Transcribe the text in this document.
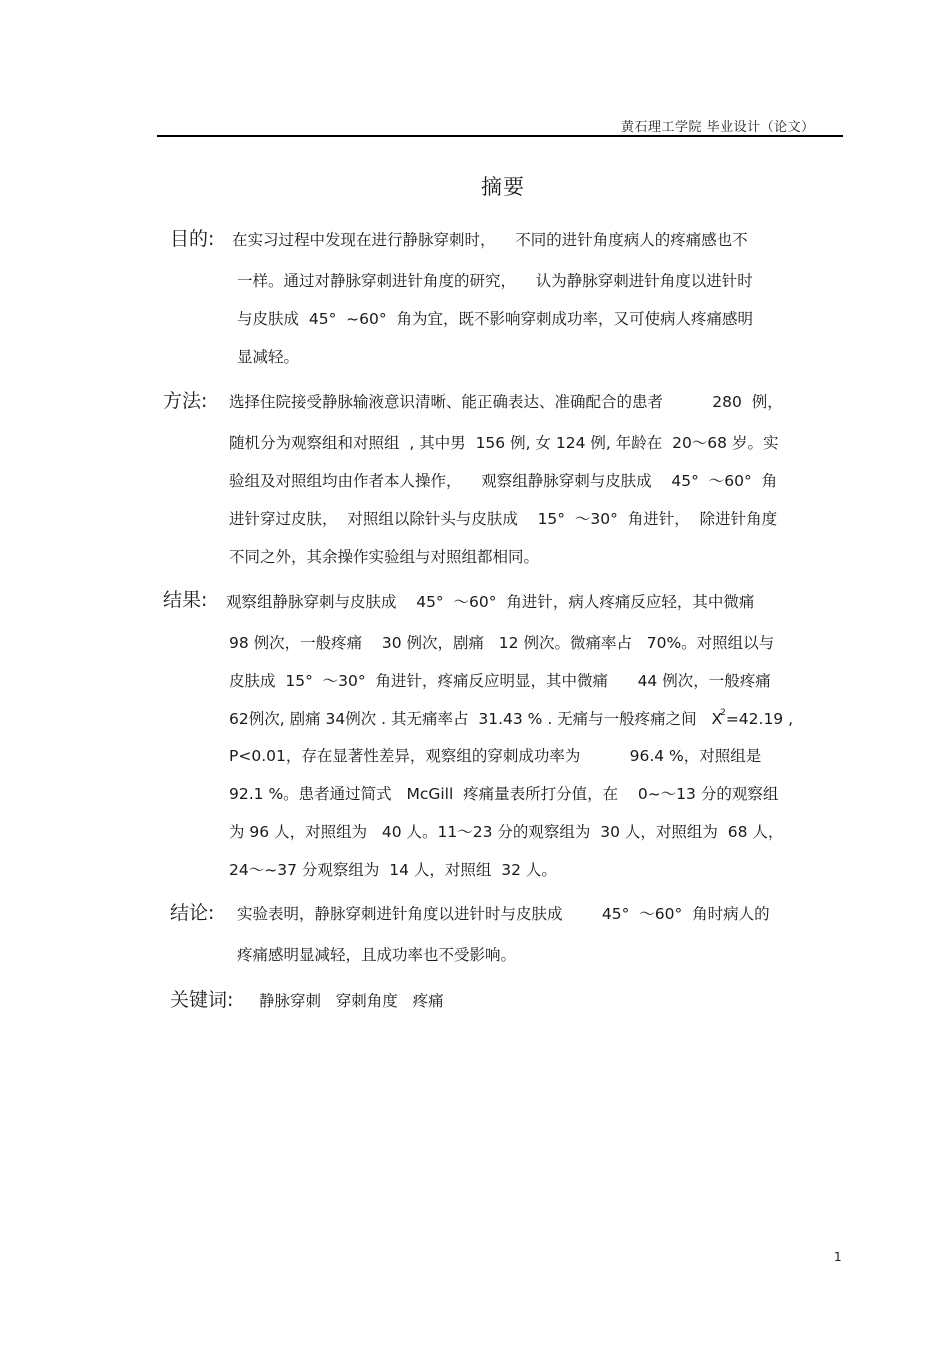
黄石理工学院 毕业设计（论文）
摘要
目的: 在实习过程中发现在进行静脉穿刺时，    不同的进针角度病人的疼痛感也不
一样。通过对静脉穿刺进针角度的研究，    认为静脉穿刺进针角度以进针时
与皮肤成  45°  ~60°  角为宜，既不影响穿刺成功率，又可使病人疼痛感明
显减轻。
方法: 选择住院接受静脉输液意识清晰、能正确表达、准确配合的患者          280  例，
随机分为观察组和对照组  , 其中男  156 例, 女 124 例, 年龄在  20～68 岁。实
验组及对照组均由作者本人操作，    观察组静脉穿刺与皮肤成    45°  ～60°  角
进针穿过皮肤，  对照组以除针头与皮肤成    15°  ～30°  角进针，  除进针角度
不同之外，其余操作实验组与对照组都相同。
结果: 观察组静脉穿刺与皮肤成    45°  ～60°  角进针，病人疼痛反应轻，其中微痛
98 例次，一般疼痛    30 例次，剧痛   12 例次。微痛率占   70%。对照组以与
皮肤成  15°  ～30°  角进针，疼痛反应明显，其中微痛      44 例次，一般疼痛
62例次, 剧痛 34例次 . 其无痛率占  31.43 % . 无痛与一般疼痛之间   $X^2=42.19$ ,
P<0.01，存在显著性差异，观察组的穿刺成功率为          96.4 %，对照组是
92.1 %。患者通过简式   McGill  疼痛量表所打分值，在    0~～13 分的观察组
为 96 人，对照组为   40 人。11～23 分的观察组为  30 人，对照组为  68 人，
24～~37 分观察组为  14 人，对照组  32 人。
结论: 实验表明，静脉穿刺进针角度以进针时与皮肤成        45°  ～60°  角时病人的
疼痛感明显减轻，且成功率也不受影响。
关键词: 静脉穿刺   穿刺角度   疼痛
1
